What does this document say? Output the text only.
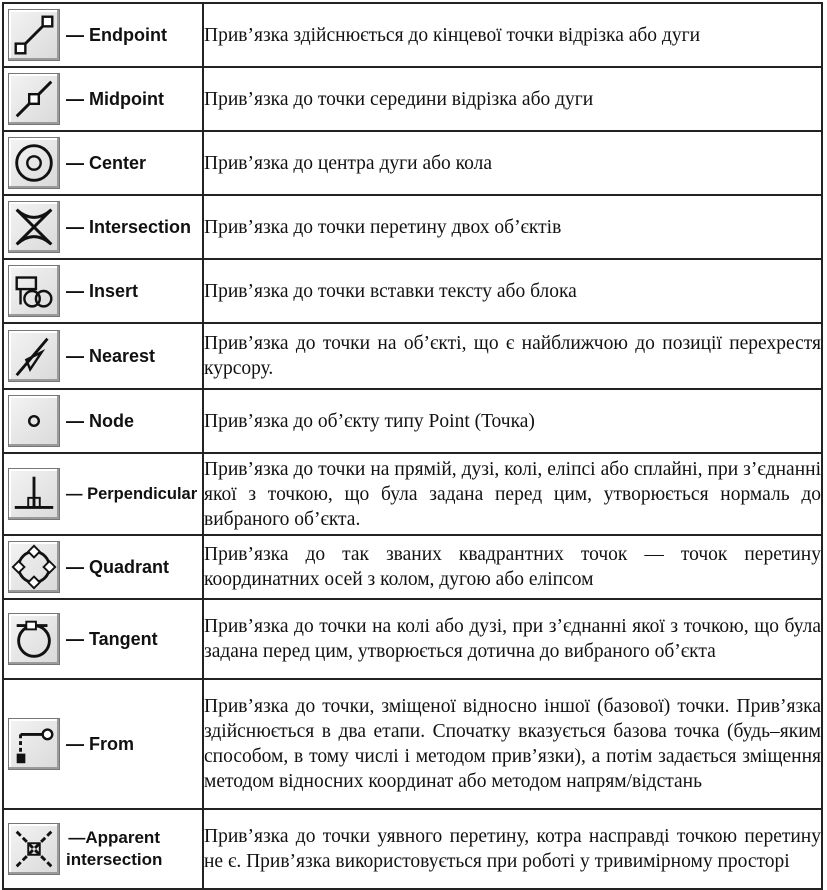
— Endpoint	Прив’язка здійснюється до кінцевої точки відрізка або дуги

— Midpoint	Прив’язка до точки середини відрізка або дуги

— Center	Прив’язка до центра дуги або кола

— Intersection	Прив’язка до точки перетину двох об’єктів

— Insert	Прив’язка до точки вставки тексту або блока

— Nearest	Прив’язка до точки на об’єкті, що є найближчою до позиції перехрестя курсору.

— Node	Прив’язка до об’єкту типу Point (Точка)

— Perpendicular	Прив’язка до точки на прямій, дузі, колі, еліпсі або сплайні, при з’єднанні якої з точкою, що була задана перед цим, утворюється нормаль до вибраного об’єкта.

— Quadrant	Прив’язка до так званих квадрантних точок — точок перетину координатних осей з колом, дугою або еліпсом

— Tangent	Прив’язка до точки на колі або дузі, при з’єднанні якої з точкою, що була задана перед цим, утворюється дотична до вибраного об’єкта

— From	Прив’язка до точки, зміщеної відносно іншої (базової) точки. Прив’язка здійснюється в два етапи. Спочатку вказується базова точка (будь–яким способом, в тому числі і методом прив’язки), а потім задається зміщення методом відносних координат або методом напрям/відстань

—Apparent
intersection	Прив’язка до точки уявного перетину, котра насправді точкою перетину не є. Прив’язка використовується при роботі у тривимірному просторі
